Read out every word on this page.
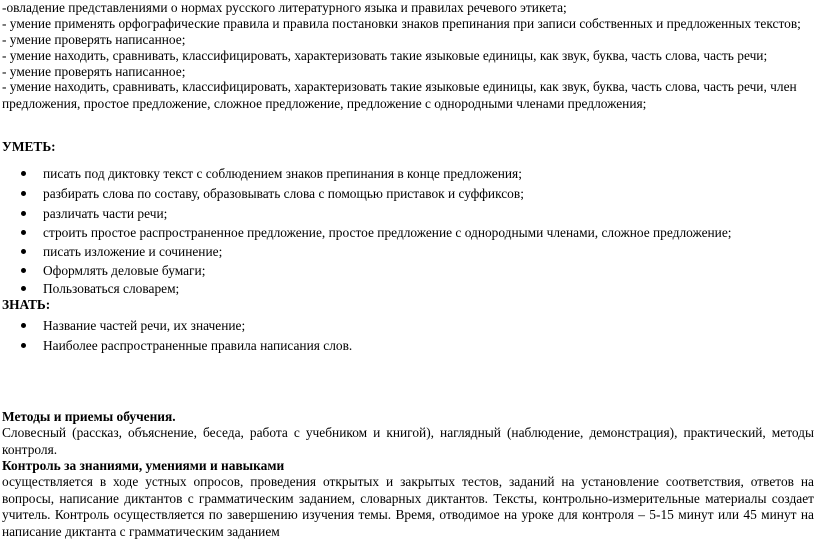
-овладение представлениями о нормах русского литературного языка и правилах речевого этикета;
- умение применять орфографические правила и правила постановки знаков препинания при записи собственных и предложенных текстов;
- умение проверять написанное;
- умение находить, сравнивать, классифицировать, характеризовать такие языковые единицы, как звук, буква, часть слова, часть речи;
- умение проверять написанное;
- умение находить, сравнивать, классифицировать, характеризовать такие языковые единицы, как звук, буква, часть слова, часть речи, член предложения, простое предложение, сложное предложение, предложение с однородными членами предложения;
УМЕТЬ:
писать под диктовку текст с соблюдением знаков препинания в конце предложения;
разбирать слова по составу, образовывать слова с помощью приставок и суффиксов;
различать части речи;
строить простое распространенное предложение, простое предложение с однородными членами, сложное предложение;
писать изложение и сочинение;
Оформлять деловые бумаги;
Пользоваться словарем;
ЗНАТЬ:
Название частей речи, их значение;
Наиболее распространенные правила написания слов.
Методы и приемы обучения.
Словесный (рассказ, объяснение, беседа, работа с учебником и книгой), наглядный (наблюдение, демонстрация), практический, методы контроля.
Контроль за знаниями, умениями и навыками
осуществляется в ходе устных опросов, проведения открытых и закрытых тестов, заданий на установление соответствия, ответов на вопросы, написание диктантов с грамматическим заданием, словарных диктантов. Тексты, контрольно-измерительные материалы создает учитель. Контроль осуществляется по завершению изучения темы. Время, отводимое на уроке для контроля – 5-15 минут или 45 минут на написание диктанта с грамматическим заданием
